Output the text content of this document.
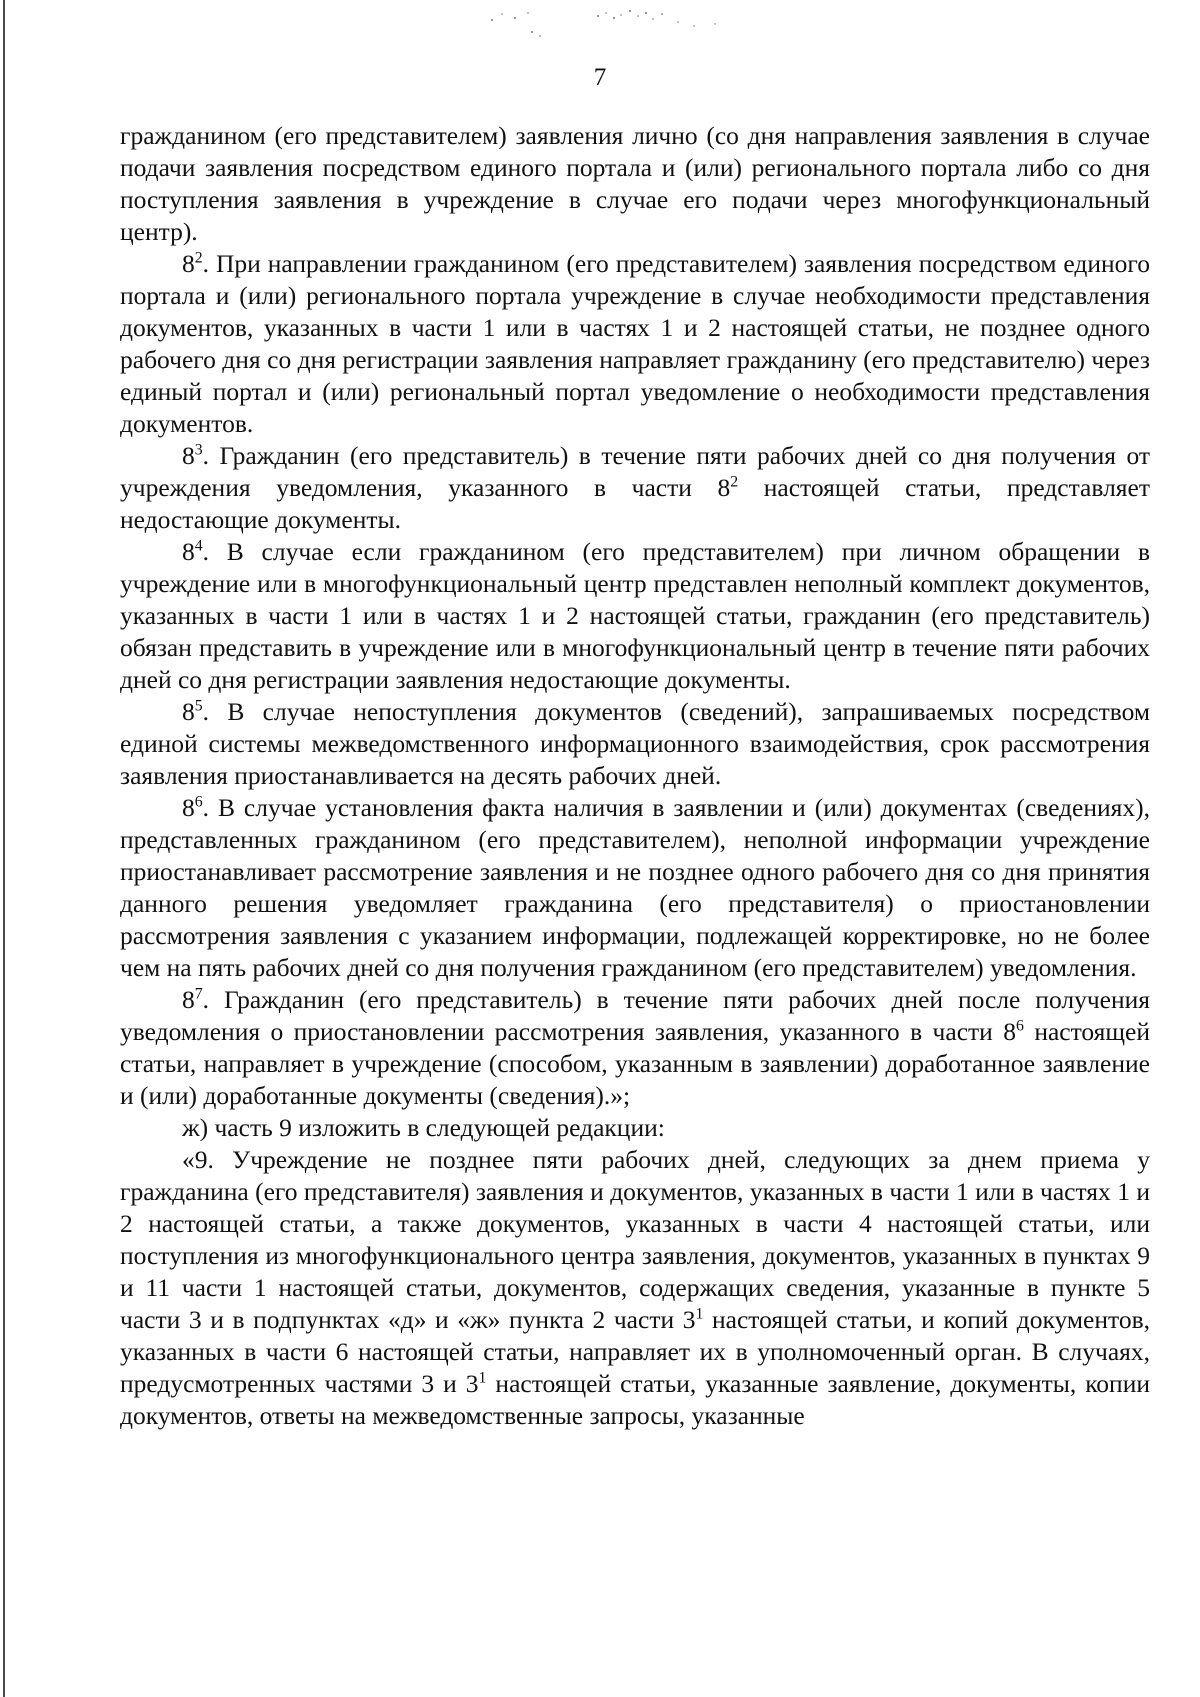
7

гражданином (его представителем) заявления лично (со дня направления заявления в случае подачи заявления посредством единого портала и (или) регионального портала либо со дня поступления заявления в учреждение в случае его подачи через многофункциональный центр).

$8^2$. При направлении гражданином (его представителем) заявления посредством единого портала и (или) регионального портала учреждение в случае необходимости представления документов, указанных в части 1 или в частях 1 и 2 настоящей статьи, не позднее одного рабочего дня со дня регистрации заявления направляет гражданину (его представителю) через единый портал и (или) региональный портал уведомление о необходимости представления документов.

$8^3$. Гражданин (его представитель) в течение пяти рабочих дней со дня получения от учреждения уведомления, указанного в части $8^2$ настоящей статьи, представляет недостающие документы.

$8^4$. В случае если гражданином (его представителем) при личном обращении в учреждение или в многофункциональный центр представлен неполный комплект документов, указанных в части 1 или в частях 1 и 2 настоящей статьи, гражданин (его представитель) обязан представить в учреждение или в многофункциональный центр в течение пяти рабочих дней со дня регистрации заявления недостающие документы.

$8^5$. В случае непоступления документов (сведений), запрашиваемых посредством единой системы межведомственного информационного взаимодействия, срок рассмотрения заявления приостанавливается на десять рабочих дней.

$8^6$. В случае установления факта наличия в заявлении и (или) документах (сведениях), представленных гражданином (его представителем), неполной информации учреждение приостанавливает рассмотрение заявления и не позднее одного рабочего дня со дня принятия данного решения уведомляет гражданина (его представителя) о приостановлении рассмотрения заявления с указанием информации, подлежащей корректировке, но не более чем на пять рабочих дней со дня получения гражданином (его представителем) уведомления.

$8^7$. Гражданин (его представитель) в течение пяти рабочих дней после получения уведомления о приостановлении рассмотрения заявления, указанного в части $8^6$ настоящей статьи, направляет в учреждение (способом, указанным в заявлении) доработанное заявление и (или) доработанные документы (сведения).»;

ж) часть 9 изложить в следующей редакции:

«9. Учреждение не позднее пяти рабочих дней, следующих за днем приема у гражданина (его представителя) заявления и документов, указанных в части 1 или в частях 1 и 2 настоящей статьи, а также документов, указанных в части 4 настоящей статьи, или поступления из многофункционального центра заявления, документов, указанных в пунктах 9 и 11 части 1 настоящей статьи, документов, содержащих сведения, указанные в пункте 5 части 3 и в подпунктах «д» и «ж» пункта 2 части $3^1$ настоящей статьи, и копий документов, указанных в части 6 настоящей статьи, направляет их в уполномоченный орган. В случаях, предусмотренных частями 3 и $3^1$ настоящей статьи, указанные заявление, документы, копии документов, ответы на межведомственные запросы, указанные
